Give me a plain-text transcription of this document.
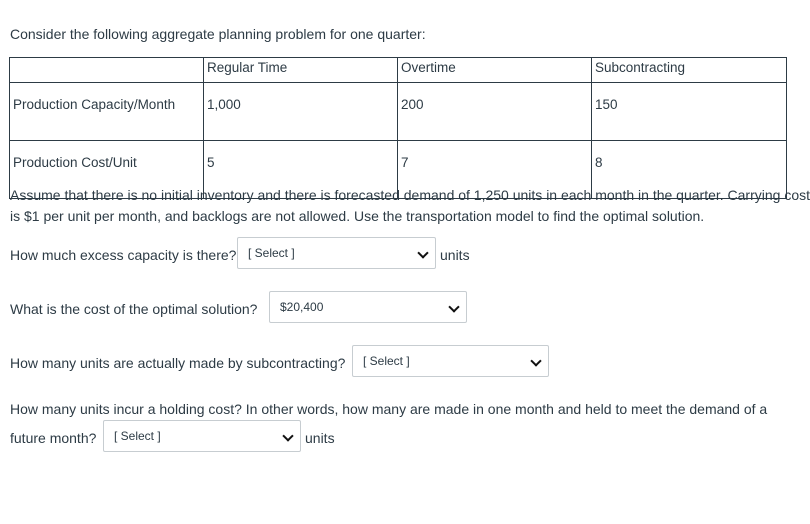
Consider the following aggregate planning problem for one quarter:
	Regular Time	Overtime	Subcontracting
Production Capacity/Month	1,000	200	150
Production Cost/Unit	5	7	8
Assume that there is no initial inventory and there is forecasted demand of 1,250 units in each month in the quarter. Carrying cost is $1 per unit per month, and backlogs are not allowed. Use the transportation model to find the optimal solution.
How much excess capacity is there? [ Select ]	units
What is the cost of the optimal solution?	$20,400
How many units are actually made by subcontracting?	[ Select ]
How many units incur a holding cost? In other words, how many are made in one month and held to meet the demand of a
future month?	[ Select ]	units
